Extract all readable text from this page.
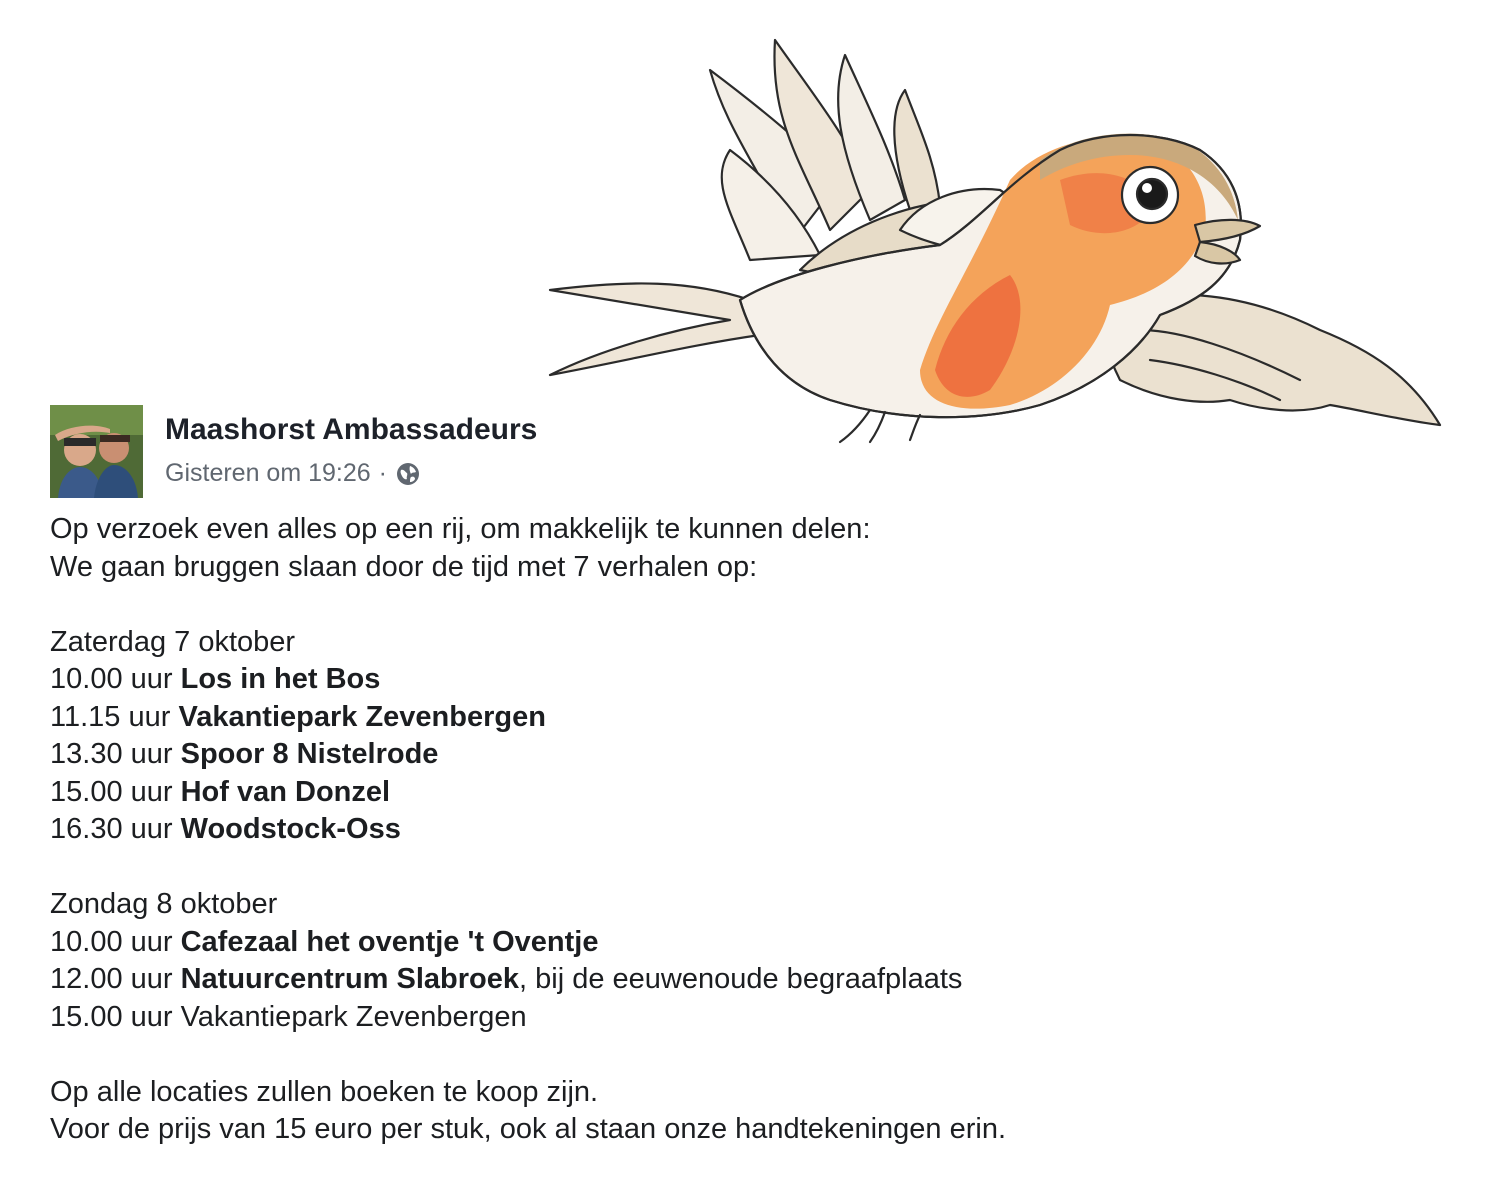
Maashorst Ambassadeurs
Gisteren om 19:26 ·
Op verzoek even alles op een rij, om makkelijk te kunnen delen:
We gaan bruggen slaan door de tijd met 7 verhalen op:
Zaterdag 7 oktober
10.00 uur Los in het Bos
11.15 uur Vakantiepark Zevenbergen
13.30 uur Spoor 8 Nistelrode
15.00 uur Hof van Donzel
16.30 uur Woodstock-Oss
Zondag 8 oktober
10.00 uur Cafezaal het oventje 't Oventje
12.00 uur Natuurcentrum Slabroek, bij de eeuwenoude begraafplaats
15.00 uur Vakantiepark Zevenbergen
Op alle locaties zullen boeken te koop zijn.
Voor de prijs van 15 euro per stuk, ook al staan onze handtekeningen erin.
